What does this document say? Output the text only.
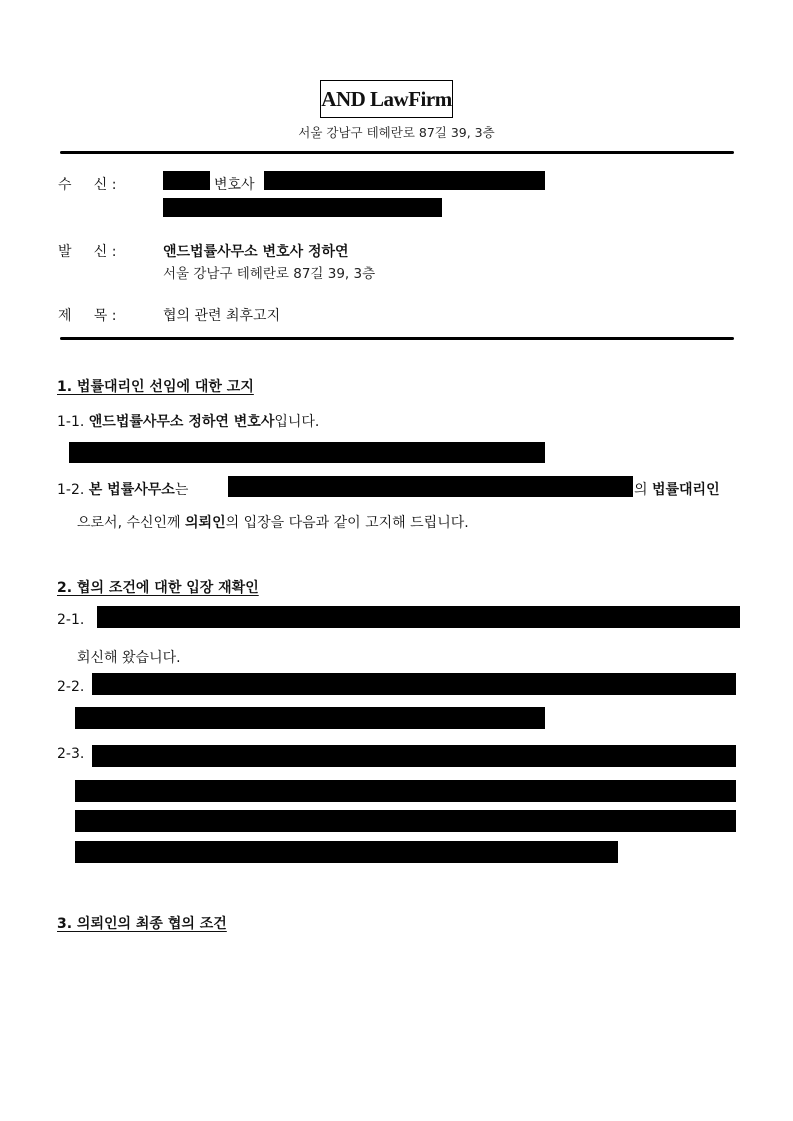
AND LawFirm
서울 강남구 테헤란로 87길 39, 3층
수     신 :	변호사
발     신 :	앤드법률사무소 변호사 정하연
서울 강남구 테헤란로 87길 39, 3층
제     목 :	협의 관련 최후고지
1. 법률대리인 선임에 대한 고지
1-1. 앤드법률사무소 정하연 변호사입니다.
1-2. 본 법률사무소는	의 법률대리인
으로서, 수신인께 의뢰인의 입장을 다음과 같이 고지해 드립니다.
2. 협의 조건에 대한 입장 재확인
2-1.
회신해 왔습니다.
2-2.
2-3.
3. 의뢰인의 최종 협의 조건
